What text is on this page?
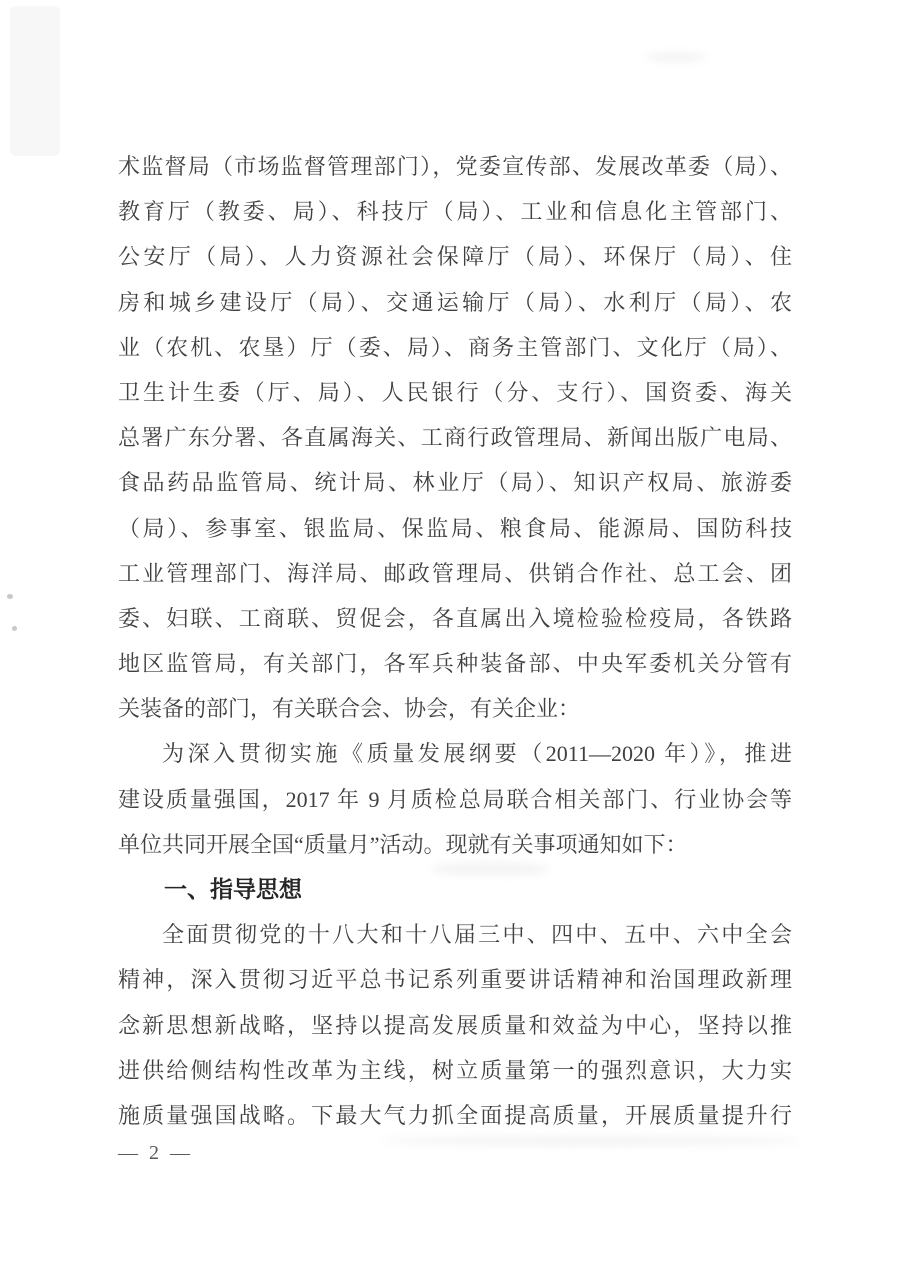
术监督局（市场监督管理部门），党委宣传部、发展改革委（局）、
教育厅（教委、局）、科技厅（局）、工业和信息化主管部门、
公安厅（局）、人力资源社会保障厅（局）、环保厅（局）、住
房和城乡建设厅（局）、交通运输厅（局）、水利厅（局）、农
业（农机、农垦）厅（委、局）、商务主管部门、文化厅（局）、
卫生计生委（厅、局）、人民银行（分、支行）、国资委、海关
总署广东分署、各直属海关、工商行政管理局、新闻出版广电局、
食品药品监管局、统计局、林业厅（局）、知识产权局、旅游委
（局）、参事室、银监局、保监局、粮食局、能源局、国防科技
工业管理部门、海洋局、邮政管理局、供销合作社、总工会、团
委、妇联、工商联、贸促会，各直属出入境检验检疫局，各铁路
地区监管局，有关部门，各军兵种装备部、中央军委机关分管有
关装备的部门，有关联合会、协会，有关企业：
为深入贯彻实施《质量发展纲要（2011—2020 年）》，推进
建设质量强国，2017 年 9 月质检总局联合相关部门、行业协会等
单位共同开展全国“质量月”活动。现就有关事项通知如下：
一、指导思想
全面贯彻党的十八大和十八届三中、四中、五中、六中全会
精神，深入贯彻习近平总书记系列重要讲话精神和治国理政新理
念新思想新战略，坚持以提高发展质量和效益为中心，坚持以推
进供给侧结构性改革为主线，树立质量第一的强烈意识，大力实
施质量强国战略。下最大气力抓全面提高质量，开展质量提升行
— 2 —
